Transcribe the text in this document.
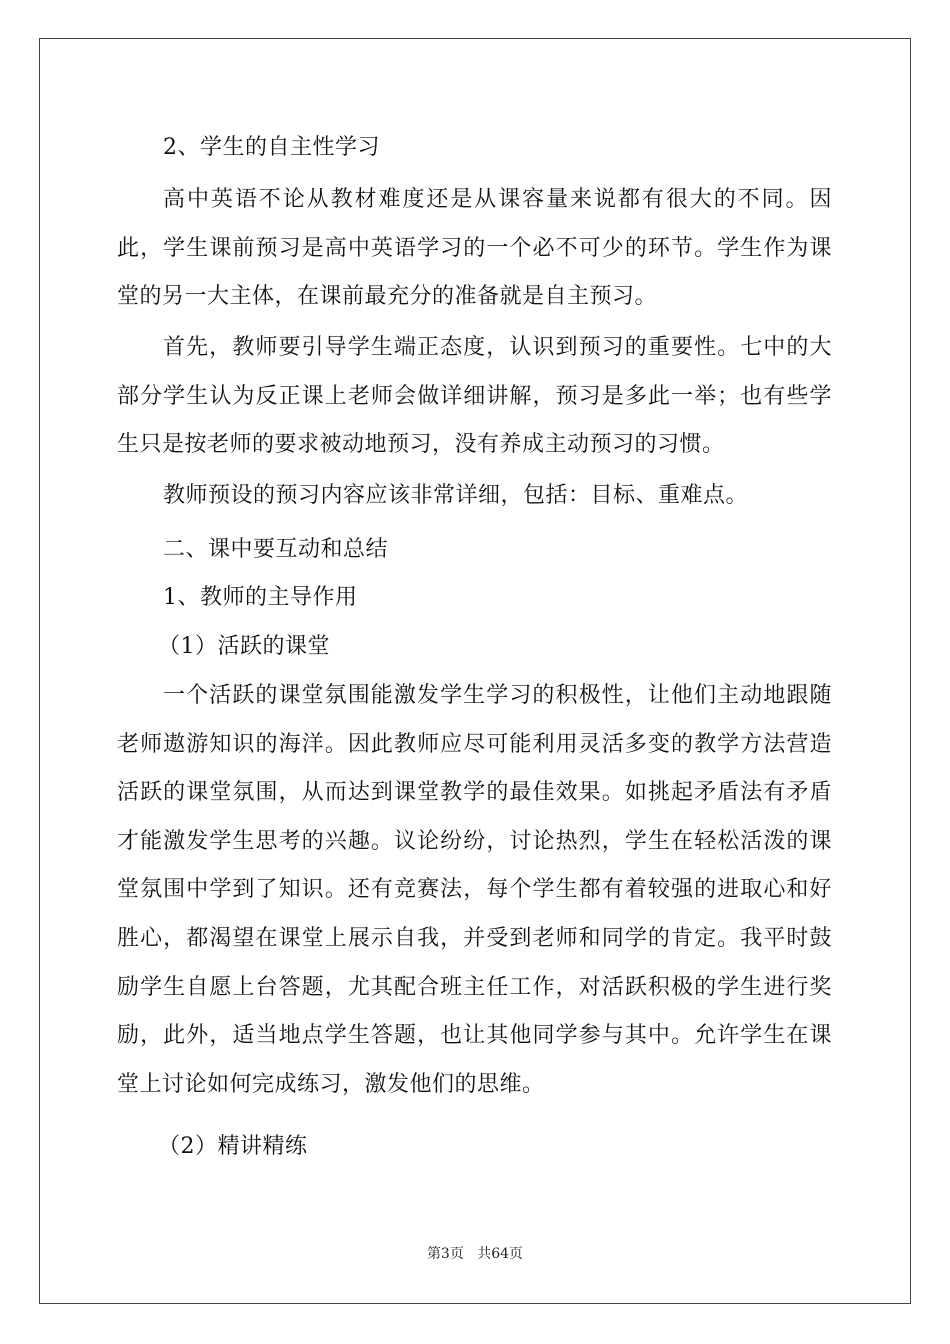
2、学生的自主性学习

高中英语不论从教材难度还是从课容量来说都有很大的不同。因此，学生课前预习是高中英语学习的一个必不可少的环节。学生作为课堂的另一大主体，在课前最充分的准备就是自主预习。

首先，教师要引导学生端正态度，认识到预习的重要性。七中的大部分学生认为反正课上老师会做详细讲解，预习是多此一举；也有些学生只是按老师的要求被动地预习，没有养成主动预习的习惯。

教师预设的预习内容应该非常详细，包括：目标、重难点。

二、课中要互动和总结
1、教师的主导作用
（1）活跃的课堂

一个活跃的课堂氛围能激发学生学习的积极性，让他们主动地跟随老师遨游知识的海洋。因此教师应尽可能利用灵活多变的教学方法营造活跃的课堂氛围，从而达到课堂教学的最佳效果。如挑起矛盾法有矛盾才能激发学生思考的兴趣。议论纷纷，讨论热烈，学生在轻松活泼的课堂氛围中学到了知识。还有竞赛法，每个学生都有着较强的进取心和好胜心，都渴望在课堂上展示自我，并受到老师和同学的肯定。我平时鼓励学生自愿上台答题，尤其配合班主任工作，对活跃积极的学生进行奖励，此外，适当地点学生答题，也让其他同学参与其中。允许学生在课堂上讨论如何完成练习，激发他们的思维。

（2）精讲精练
第3页 共64页
